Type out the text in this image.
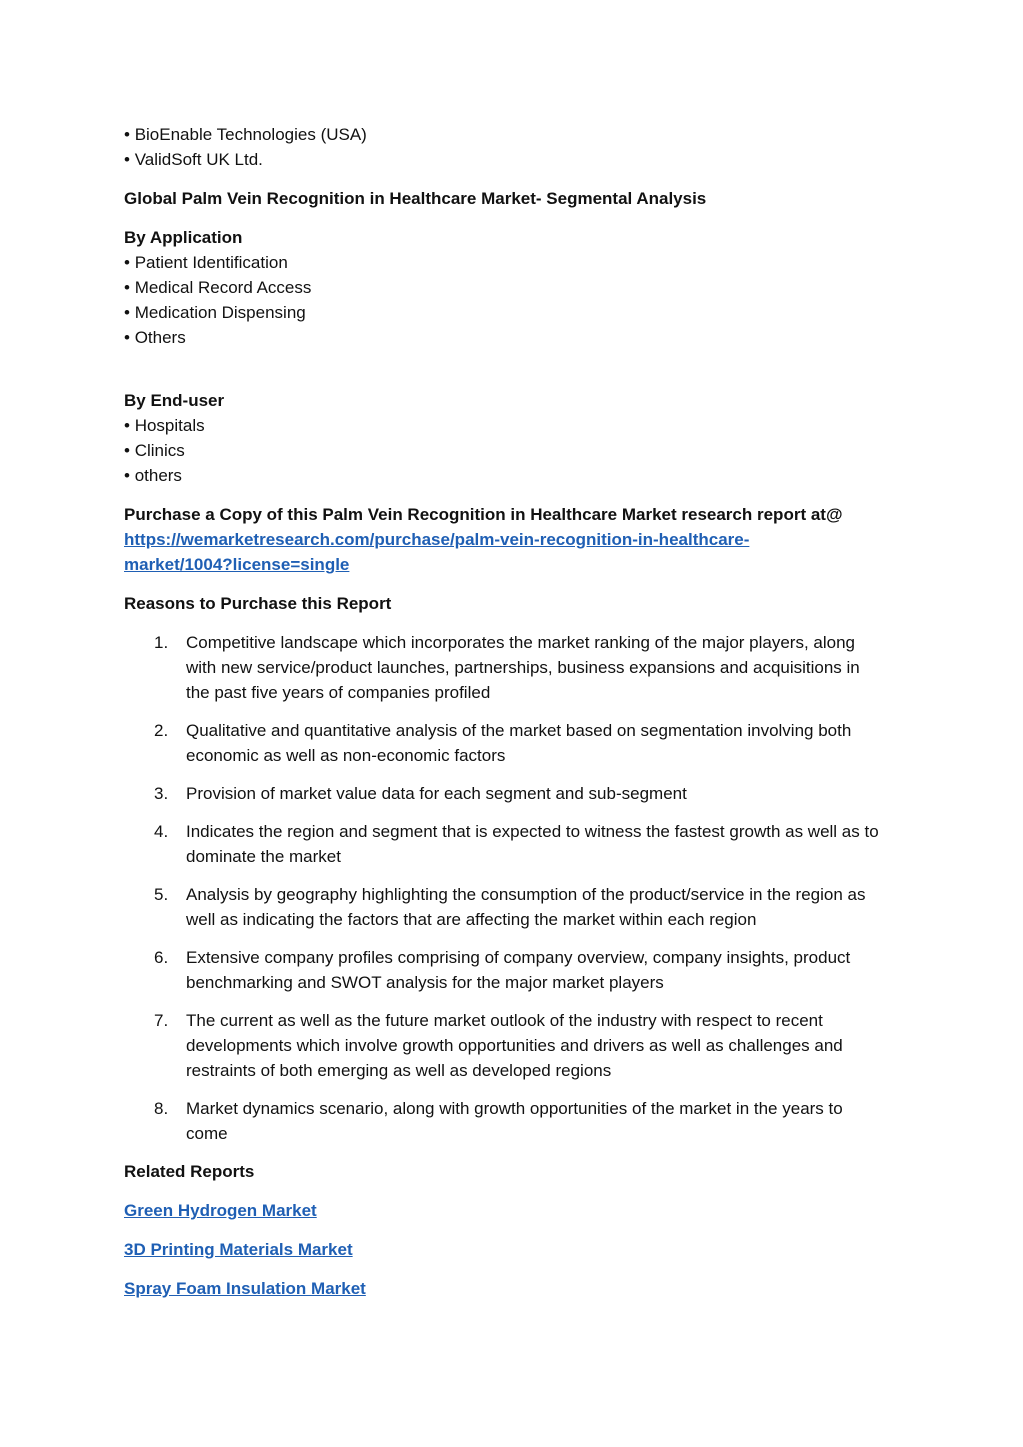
• BioEnable Technologies (USA)

• ValidSoft UK Ltd.

Global Palm Vein Recognition in Healthcare Market- Segmental Analysis

By Application

• Patient Identification

• Medical Record Access

• Medication Dispensing

• Others

By End-user

• Hospitals

• Clinics

• others

Purchase a Copy of this Palm Vein Recognition in Healthcare Market research report at@

https://wemarketresearch.com/purchase/palm-vein-recognition-in-healthcare-

market/1004?license=single

Reasons to Purchase this Report

1. Competitive landscape which incorporates the market ranking of the major players, along
with new service/product launches, partnerships, business expansions and acquisitions in
the past five years of companies profiled
2. Qualitative and quantitative analysis of the market based on segmentation involving both
economic as well as non-economic factors
3. Provision of market value data for each segment and sub-segment
4. Indicates the region and segment that is expected to witness the fastest growth as well as to
dominate the market
5. Analysis by geography highlighting the consumption of the product/service in the region as
well as indicating the factors that are affecting the market within each region
6. Extensive company profiles comprising of company overview, company insights, product
benchmarking and SWOT analysis for the major market players
7. The current as well as the future market outlook of the industry with respect to recent
developments which involve growth opportunities and drivers as well as challenges and
restraints of both emerging as well as developed regions
8. Market dynamics scenario, along with growth opportunities of the market in the years to
come

Related Reports

Green Hydrogen Market

3D Printing Materials Market

Spray Foam Insulation Market
